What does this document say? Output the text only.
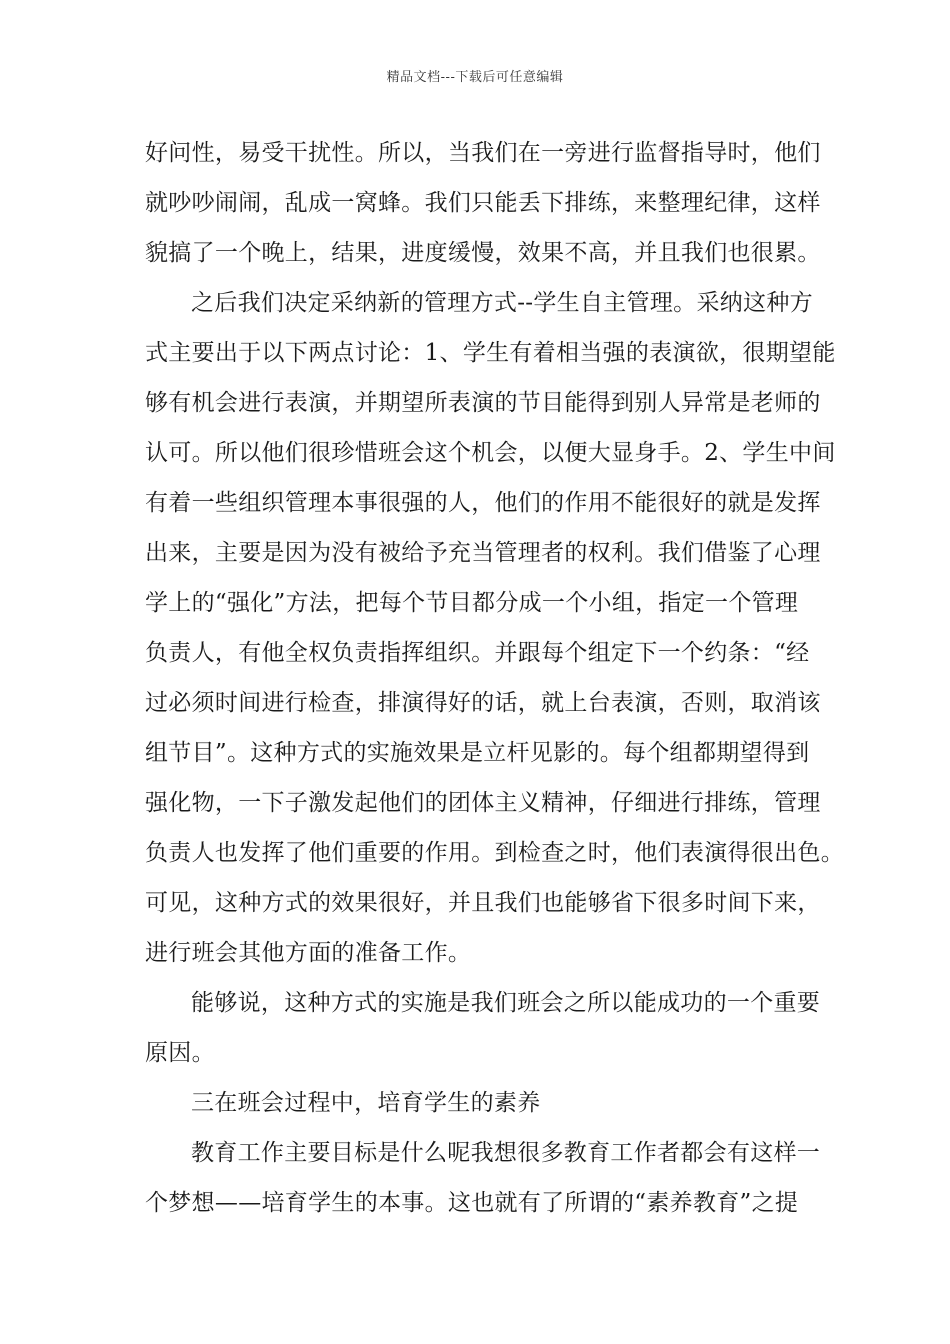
精品文档---下载后可任意编辑
好问性，易受干扰性。所以，当我们在一旁进行监督指导时，他们
就吵吵闹闹，乱成一窝蜂。我们只能丢下排练，来整理纪律，这样
貌搞了一个晚上，结果，进度缓慢，效果不高，并且我们也很累。
之后我们决定采纳新的管理方式--学生自主管理。采纳这种方
式主要出于以下两点讨论：1、学生有着相当强的表演欲，很期望能
够有机会进行表演，并期望所表演的节目能得到别人异常是老师的
认可。所以他们很珍惜班会这个机会，以便大显身手。2、学生中间
有着一些组织管理本事很强的人，他们的作用不能很好的就是发挥
出来，主要是因为没有被给予充当管理者的权利。我们借鉴了心理
学上的“强化”方法，把每个节目都分成一个小组，指定一个管理
负责人，有他全权负责指挥组织。并跟每个组定下一个约条：“经
过必须时间进行检查，排演得好的话，就上台表演，否则，取消该
组节目”。这种方式的实施效果是立杆见影的。每个组都期望得到
强化物，一下子激发起他们的团体主义精神，仔细进行排练，管理
负责人也发挥了他们重要的作用。到检查之时，他们表演得很出色。
可见，这种方式的效果很好，并且我们也能够省下很多时间下来，
进行班会其他方面的准备工作。
能够说，这种方式的实施是我们班会之所以能成功的一个重要
原因。
三在班会过程中，培育学生的素养
教育工作主要目标是什么呢我想很多教育工作者都会有这样一
个梦想——培育学生的本事。这也就有了所谓的“素养教育”之提
